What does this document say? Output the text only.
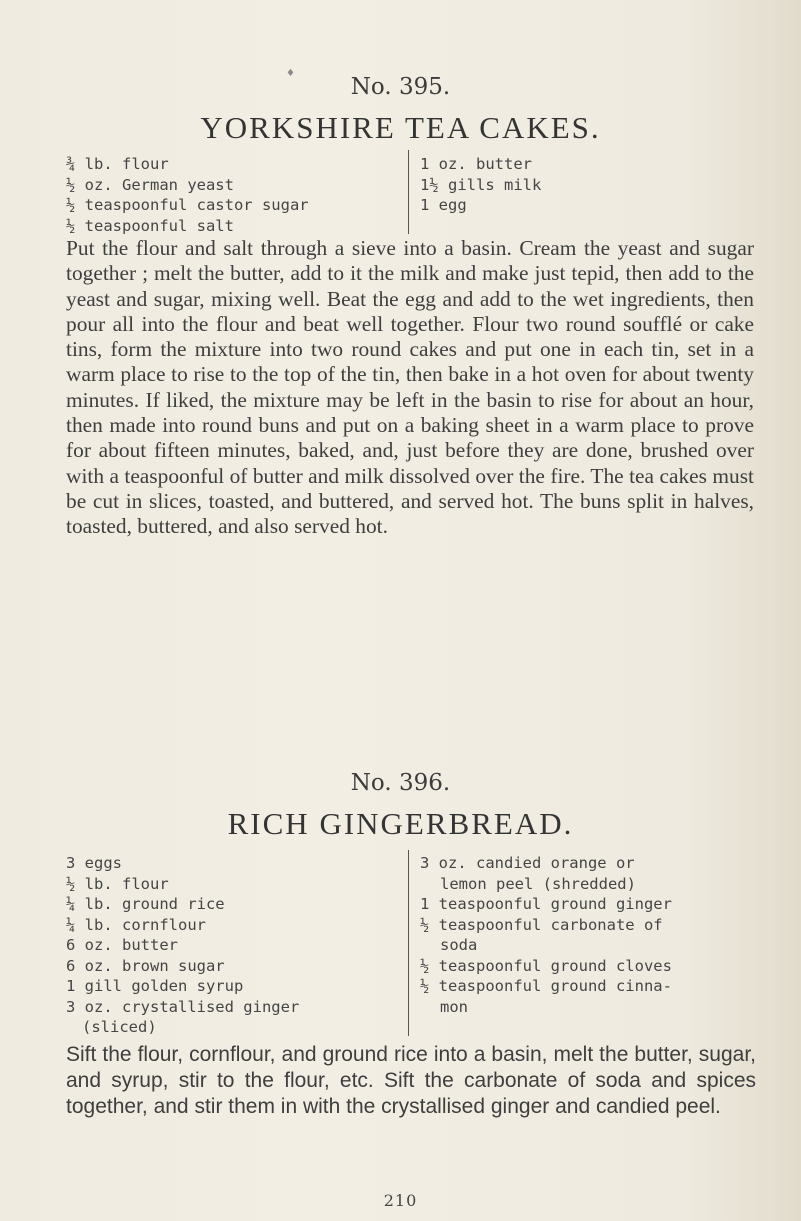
♦
No. 395.
YORKSHIRE TEA CAKES.
¾ lb. flour
½ oz. German yeast
½ teaspoonful castor sugar
½ teaspoonful salt
1 oz. butter
1½ gills milk
1 egg
Put the flour and salt through a sieve into a basin. Cream the yeast and sugar together ; melt the butter, add to it the milk and make just tepid, then add to the yeast and sugar, mixing well. Beat the egg and add to the wet ingredients, then pour all into the flour and beat well together. Flour two round soufflé or cake tins, form the mixture into two round cakes and put one in each tin, set in a warm place to rise to the top of the tin, then bake in a hot oven for about twenty minutes. If liked, the mixture may be left in the basin to rise for about an hour, then made into round buns and put on a baking sheet in a warm place to prove for about fifteen minutes, baked, and, just before they are done, brushed over with a teaspoonful of butter and milk dissolved over the fire. The tea cakes must be cut in slices, toasted, and buttered, and served hot. The buns split in halves, toasted, buttered, and also served hot.
No. 396.
RICH GINGERBREAD.
3 eggs
½ lb. flour
¼ lb. ground rice
¼ lb. cornflour
6 oz. butter
6 oz. brown sugar
1 gill golden syrup
3 oz. crystallised ginger
(sliced)
3 oz. candied orange or
lemon peel (shredded)
1 teaspoonful ground ginger
½ teaspoonful carbonate of
soda
½ teaspoonful ground cloves
½ teaspoonful ground cinna-
mon
Sift the flour, cornflour, and ground rice into a basin, melt the butter, sugar, and syrup, stir to the flour, etc. Sift the carbonate of soda and spices together, and stir them in with the crystallised ginger and candied peel.
210
